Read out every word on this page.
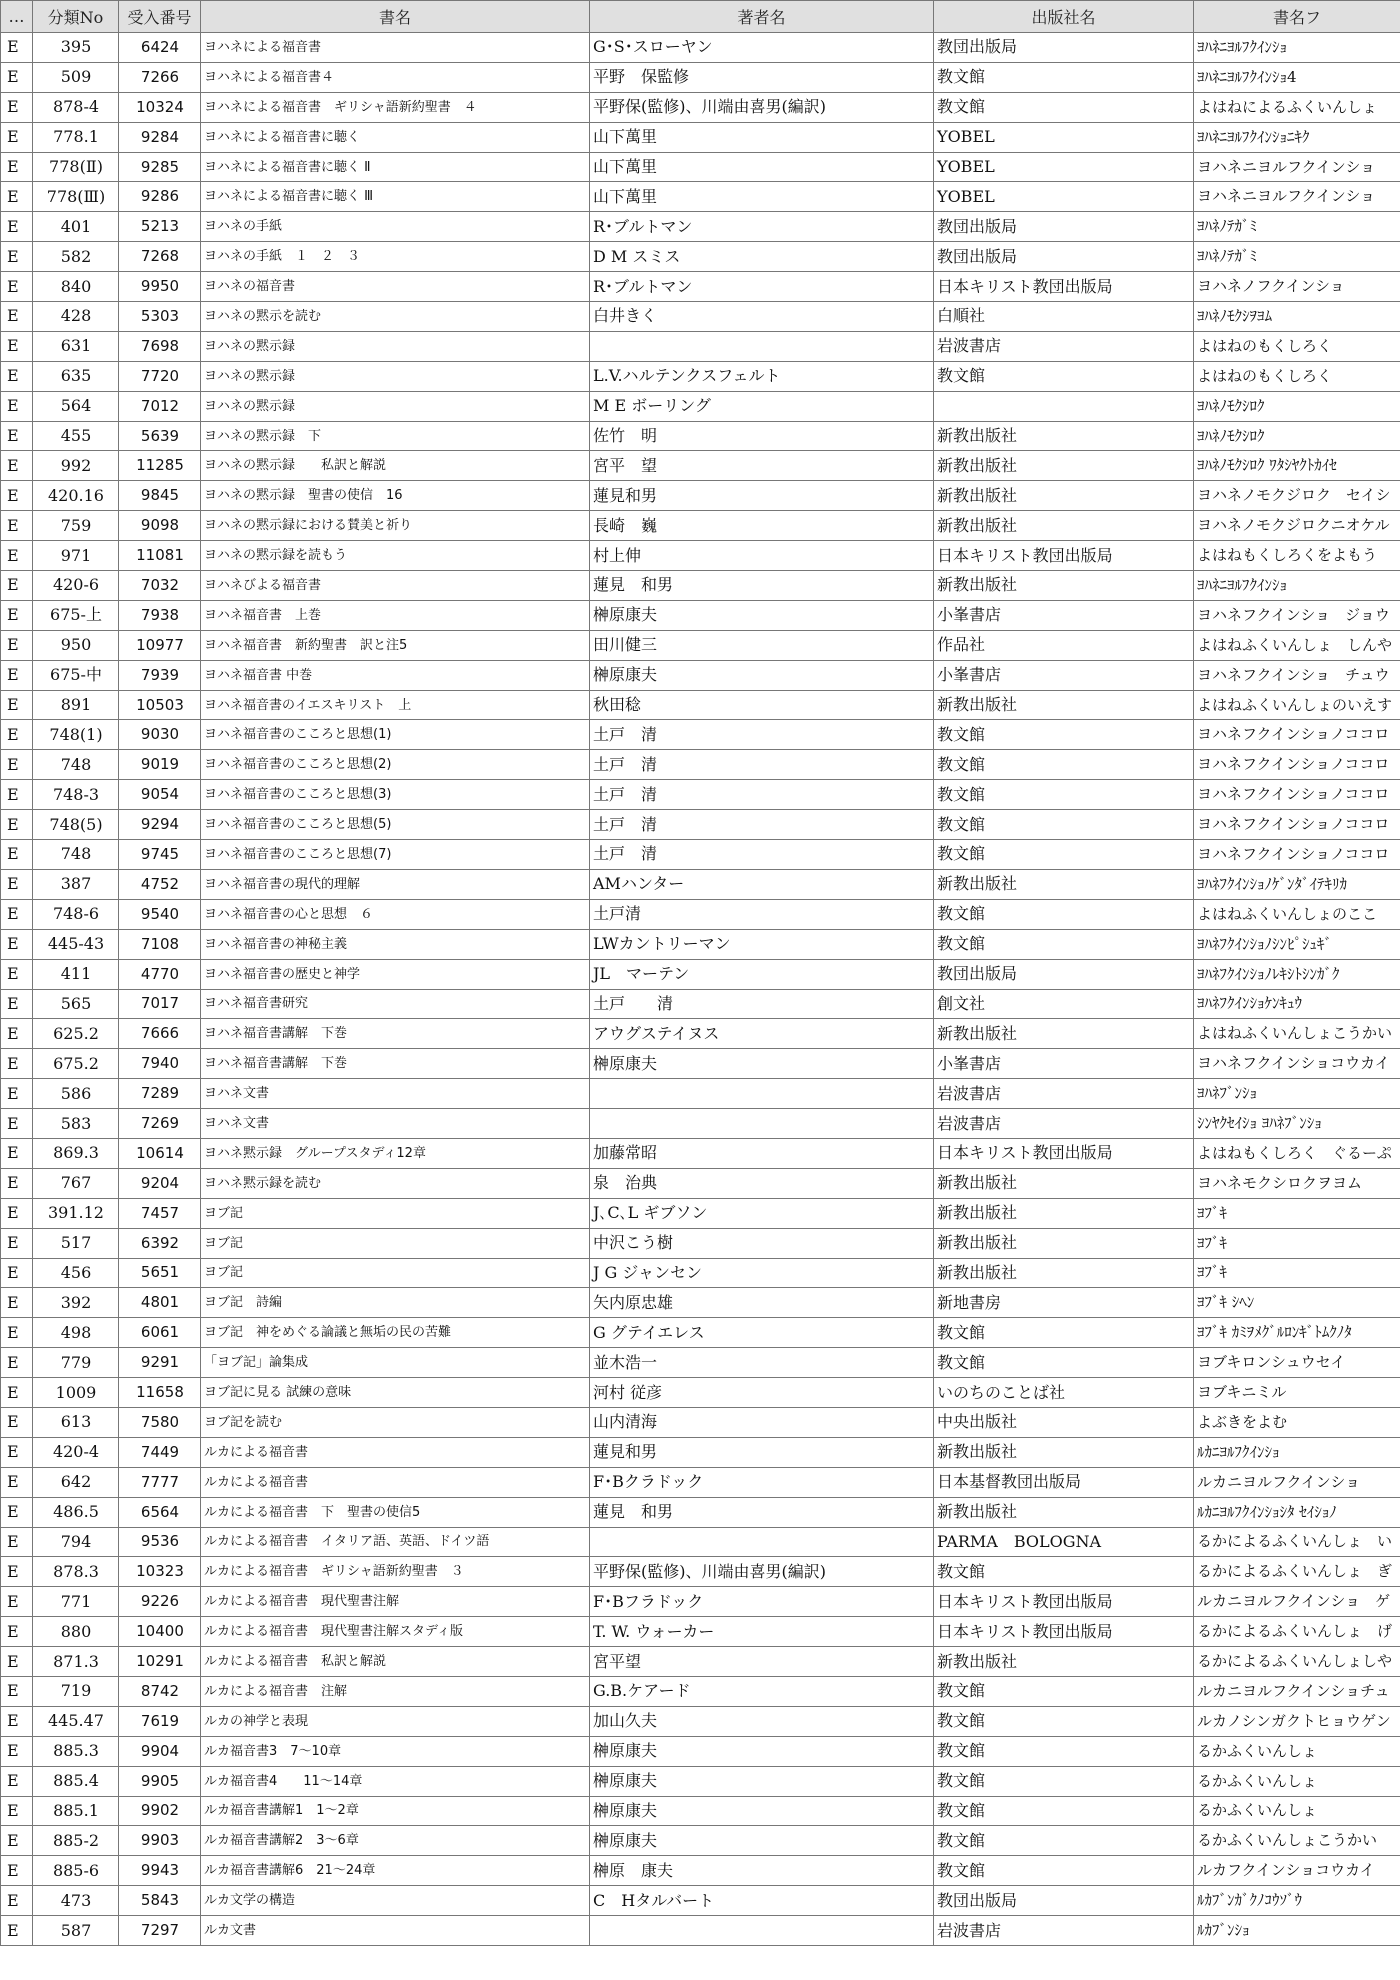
…	分類No	受入番号	書名	著者名	出版社名	書名フ
E	395	6424	ヨハネによる福音書	G･S･スローヤン	教団出版局	ﾖﾊﾈﾆﾖﾙﾌｸｲﾝｼｮ
E	509	7266	ヨハネによる福音書４	平野　保監修	教文館	ﾖﾊﾈﾆﾖﾙﾌｸｲﾝｼｮ4
E	878-4	10324	ヨハネによる福音書　ギリシャ語新約聖書　４	平野保(監修)、川端由喜男(編訳)	教文館	よはねによるふくいんしょ
E	778.1	9284	ヨハネによる福音書に聴く	山下萬里	YOBEL	ﾖﾊﾈﾆﾖﾙﾌｸｲﾝｼｮﾆｷｸ
E	778(Ⅱ)	9285	ヨハネによる福音書に聴く Ⅱ	山下萬里	YOBEL	ヨハネニヨルフクインショ
E	778(Ⅲ)	9286	ヨハネによる福音書に聴く Ⅲ	山下萬里	YOBEL	ヨハネニヨルフクインショ
E	401	5213	ヨハネの手紙	R･ブルトマン	教団出版局	ﾖﾊﾈﾉﾃｶﾞﾐ
E	582	7268	ヨハネの手紙　１　２　３	D M スミス	教団出版局	ﾖﾊﾈﾉﾃｶﾞﾐ
E	840	9950	ヨハネの福音書	R･ブルトマン	日本キリスト教団出版局	ヨハネノフクインショ
E	428	5303	ヨハネの黙示を読む	白井きく	白順社	ﾖﾊﾈﾉﾓｸｼｦﾖﾑ
E	631	7698	ヨハネの黙示録		岩波書店	よはねのもくしろく
E	635	7720	ヨハネの黙示録	L.V.ハルテンクスフェルト	教文館	よはねのもくしろく
E	564	7012	ヨハネの黙示録	M E ボーリング		ﾖﾊﾈﾉﾓｸｼﾛｸ
E	455	5639	ヨハネの黙示録　下	佐竹　明	新教出版社	ﾖﾊﾈﾉﾓｸｼﾛｸ
E	992	11285	ヨハネの黙示録　　私訳と解説	宮平　望	新教出版社	ﾖﾊﾈﾉﾓｸｼﾛｸ ﾜﾀｼﾔｸﾄｶｲｾ
E	420.16	9845	ヨハネの黙示録　聖書の使信　16	蓮見和男	新教出版社	ヨハネノモクジロク　セイシ
E	759	9098	ヨハネの黙示録における賛美と祈り	長崎　巍	新教出版社	ヨハネノモクジロクニオケル
E	971	11081	ヨハネの黙示録を読もう	村上伸	日本キリスト教団出版局	よはねもくしろくをよもう
E	420-6	7032	ヨハネびよる福音書	蓮見　和男	新教出版社	ﾖﾊﾈﾆﾖﾙﾌｸｲﾝｼｮ
E	675-上	7938	ヨハネ福音書　上巻	榊原康夫	小峯書店	ヨハネフクインショ　ジョウ
E	950	10977	ヨハネ福音書　新約聖書　訳と注5	田川健三	作品社	よはねふくいんしょ　しんや
E	675-中	7939	ヨハネ福音書 中巻	榊原康夫	小峯書店	ヨハネフクインショ　チュウ
E	891	10503	ヨハネ福音書のイエスキリスト　上	秋田稔	新教出版社	よはねふくいんしょのいえす
E	748(1)	9030	ヨハネ福音書のこころと思想(1)	土戸　清	教文館	ヨハネフクインショノココロ
E	748	9019	ヨハネ福音書のこころと思想(2)	土戸　清	教文館	ヨハネフクインショノココロ
E	748-3	9054	ヨハネ福音書のこころと思想(3)	土戸　清	教文館	ヨハネフクインショノココロ
E	748(5)	9294	ヨハネ福音書のこころと思想(5)	土戸　清	教文館	ヨハネフクインショノココロ
E	748	9745	ヨハネ福音書のこころと思想(7)	土戸　清	教文館	ヨハネフクインショノココロ
E	387	4752	ヨハネ福音書の現代的理解	AMハンター	新教出版社	ﾖﾊﾈﾌｸｲﾝｼｮﾉｹﾞﾝﾀﾞｲﾃｷﾘｶ
E	748-6	9540	ヨハネ福音書の心と思想　６	土戸清	教文館	よはねふくいんしょのここ
E	445-43	7108	ヨハネ福音書の神秘主義	LWカントリーマン	教文館	ﾖﾊﾈﾌｸｲﾝｼｮﾉｼﾝﾋﾟｼｭｷﾞ
E	411	4770	ヨハネ福音書の歴史と神学	JL　マーテン	教団出版局	ﾖﾊﾈﾌｸｲﾝｼｮﾉﾚｷｼﾄｼﾝｶﾞｸ
E	565	7017	ヨハネ福音書研究	土戸　　清	創文社	ﾖﾊﾈﾌｸｲﾝｼｮｹﾝｷｭｳ
E	625.2	7666	ヨハネ福音書講解　下巻	アウグステイヌス	新教出版社	よはねふくいんしょこうかい
E	675.2	7940	ヨハネ福音書講解　下巻	榊原康夫	小峯書店	ヨハネフクインショコウカイ
E	586	7289	ヨハネ文書		岩波書店	ﾖﾊﾈﾌﾞﾝｼｮ
E	583	7269	ヨハネ文書		岩波書店	ｼﾝﾔｸｾｲｼｮ ﾖﾊﾈﾌﾞﾝｼｮ
E	869.3	10614	ヨハネ黙示録　グループスタディ12章	加藤常昭	日本キリスト教団出版局	よはねもくしろく　ぐるーぷ
E	767	9204	ヨハネ黙示録を読む	泉　治典	新教出版社	ヨハネモクシロクヲヨム
E	391.12	7457	ヨブ記	J､C､L ギブソン	新教出版社	ﾖﾌﾞｷ
E	517	6392	ヨブ記	中沢こう樹	新教出版社	ﾖﾌﾞｷ
E	456	5651	ヨブ記	J G ジャンセン	新教出版社	ﾖﾌﾞｷ
E	392	4801	ヨブ記　詩編	矢内原忠雄	新地書房	ﾖﾌﾞｷ ｼﾍﾝ
E	498	6061	ヨブ記　神をめぐる論議と無垢の民の苦難	G グテイエレス	教文館	ﾖﾌﾞｷ ｶﾐｦﾒｸﾞﾙﾛﾝｷﾞﾄﾑｸﾉﾀ
E	779	9291	「ヨブ記」論集成	並木浩一	教文館	ヨブキロンシュウセイ
E	1009	11658	ヨブ記に見る 試練の意味	河村 従彦	いのちのことば社	ヨブキニミル
E	613	7580	ヨブ記を読む	山内清海	中央出版社	よぶきをよむ
E	420-4	7449	ルカによる福音書	蓮見和男	新教出版社	ﾙｶﾆﾖﾙﾌｸｲﾝｼｮ
E	642	7777	ルカによる福音書	F･Bクラドック	日本基督教団出版局	ルカニヨルフクインショ
E	486.5	6564	ルカによる福音書　下　聖書の使信5	蓮見　和男	新教出版社	ﾙｶﾆﾖﾙﾌｸｲﾝｼｮｼﾀ ｾｲｼｮﾉ
E	794	9536	ルカによる福音書　イタリア語、英語、ドイツ語		PARMA　BOLOGNA	るかによるふくいんしょ　い
E	878.3	10323	ルカによる福音書　ギリシャ語新約聖書　３	平野保(監修)、川端由喜男(編訳)	教文館	るかによるふくいんしょ　ぎ
E	771	9226	ルカによる福音書　現代聖書注解	F･Bフラドック	日本キリスト教団出版局	ルカニヨルフクインショ　ゲ
E	880	10400	ルカによる福音書　現代聖書注解スタディ版	T. W. ウォーカー	日本キリスト教団出版局	るかによるふくいんしょ　げ
E	871.3	10291	ルカによる福音書　私訳と解説	宮平望	新教出版社	るかによるふくいんしょしや
E	719	8742	ルカによる福音書　注解	G.B.ケアード	教文館	ルカニヨルフクインショチュ
E	445.47	7619	ルカの神学と表現	加山久夫	教文館	ルカノシンガクトヒョウゲン
E	885.3	9904	ルカ福音書3　7～10章	榊原康夫	教文館	るかふくいんしょ
E	885.4	9905	ルカ福音書4　　11～14章	榊原康夫	教文館	るかふくいんしょ
E	885.1	9902	ルカ福音書講解1　1～2章	榊原康夫	教文館	るかふくいんしょ
E	885-2	9903	ルカ福音書講解2　3～6章	榊原康夫	教文館	るかふくいんしょこうかい
E	885-6	9943	ルカ福音書講解6　21～24章	榊原　康夫	教文館	ルカフクインショコウカイ
E	473	5843	ルカ文学の構造	C　Hタルバート	教団出版局	ﾙｶﾌﾞﾝｶﾞｸﾉｺｳｿﾞｳ
E	587	7297	ルカ文書		岩波書店	ﾙｶﾌﾞﾝｼｮ
